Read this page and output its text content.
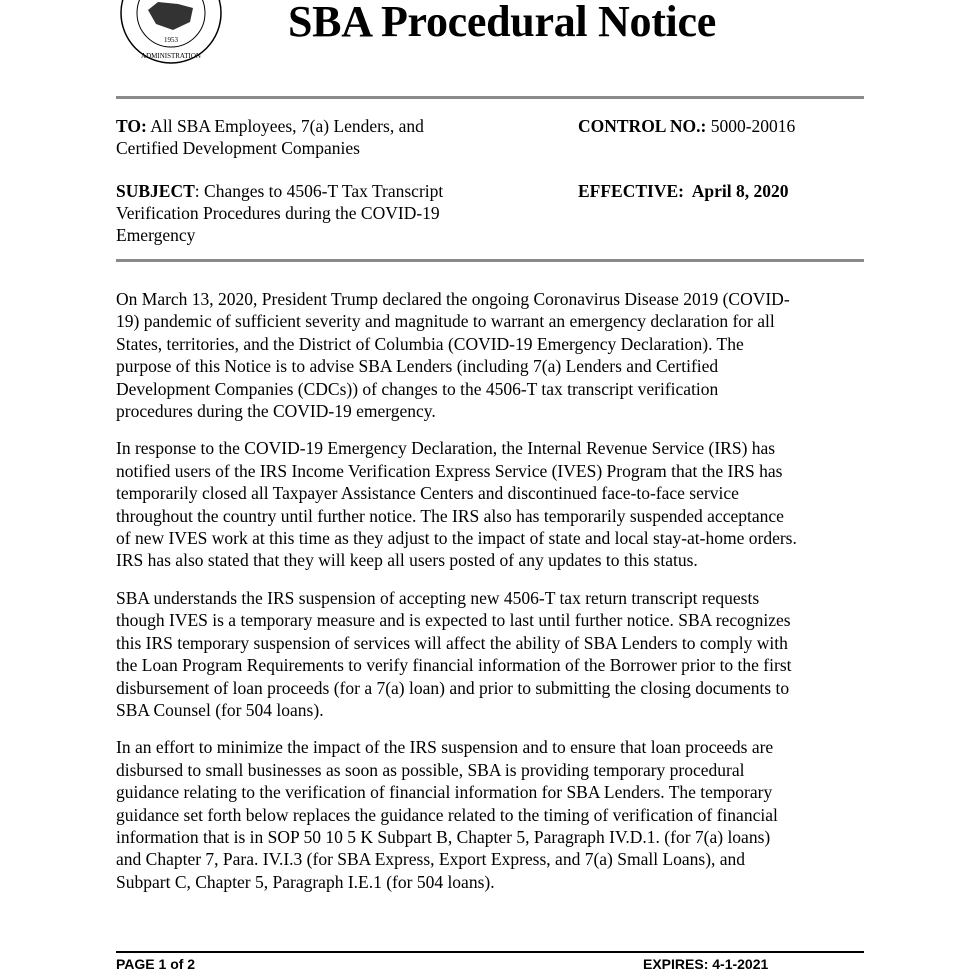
1953
ADMINISTRATION
SBA Procedural Notice
TO: All SBA Employees, 7(a) Lenders, and
Certified Development Companies
SUBJECT: Changes to 4506-T Tax Transcript
Verification Procedures during the COVID-19
Emergency
CONTROL NO.: 5000-20016
EFFECTIVE:  April 8, 2020

On March 13, 2020, President Trump declared the ongoing Coronavirus Disease 2019 (COVID-
19) pandemic of sufficient severity and magnitude to warrant an emergency declaration for all
States, territories, and the District of Columbia (COVID-19 Emergency Declaration). The
purpose of this Notice is to advise SBA Lenders (including 7(a) Lenders and Certified
Development Companies (CDCs)) of changes to the 4506-T tax transcript verification
procedures during the COVID-19 emergency.

In response to the COVID-19 Emergency Declaration, the Internal Revenue Service (IRS) has
notified users of the IRS Income Verification Express Service (IVES) Program that the IRS has
temporarily closed all Taxpayer Assistance Centers and discontinued face-to-face service
throughout the country until further notice. The IRS also has temporarily suspended acceptance
of new IVES work at this time as they adjust to the impact of state and local stay-at-home orders.
IRS has also stated that they will keep all users posted of any updates to this status.

SBA understands the IRS suspension of accepting new 4506-T tax return transcript requests
though IVES is a temporary measure and is expected to last until further notice. SBA recognizes
this IRS temporary suspension of services will affect the ability of SBA Lenders to comply with
the Loan Program Requirements to verify financial information of the Borrower prior to the first
disbursement of loan proceeds (for a 7(a) loan) and prior to submitting the closing documents to
SBA Counsel (for 504 loans).

In an effort to minimize the impact of the IRS suspension and to ensure that loan proceeds are
disbursed to small businesses as soon as possible, SBA is providing temporary procedural
guidance relating to the verification of financial information for SBA Lenders. The temporary
guidance set forth below replaces the guidance related to the timing of verification of financial
information that is in SOP 50 10 5 K Subpart B, Chapter 5, Paragraph IV.D.1. (for 7(a) loans)
and Chapter 7, Para. IV.I.3 (for SBA Express, Export Express, and 7(a) Small Loans), and
Subpart C, Chapter 5, Paragraph I.E.1 (for 504 loans).

PAGE 1 of 2	EXPIRES: 4-1-2021
